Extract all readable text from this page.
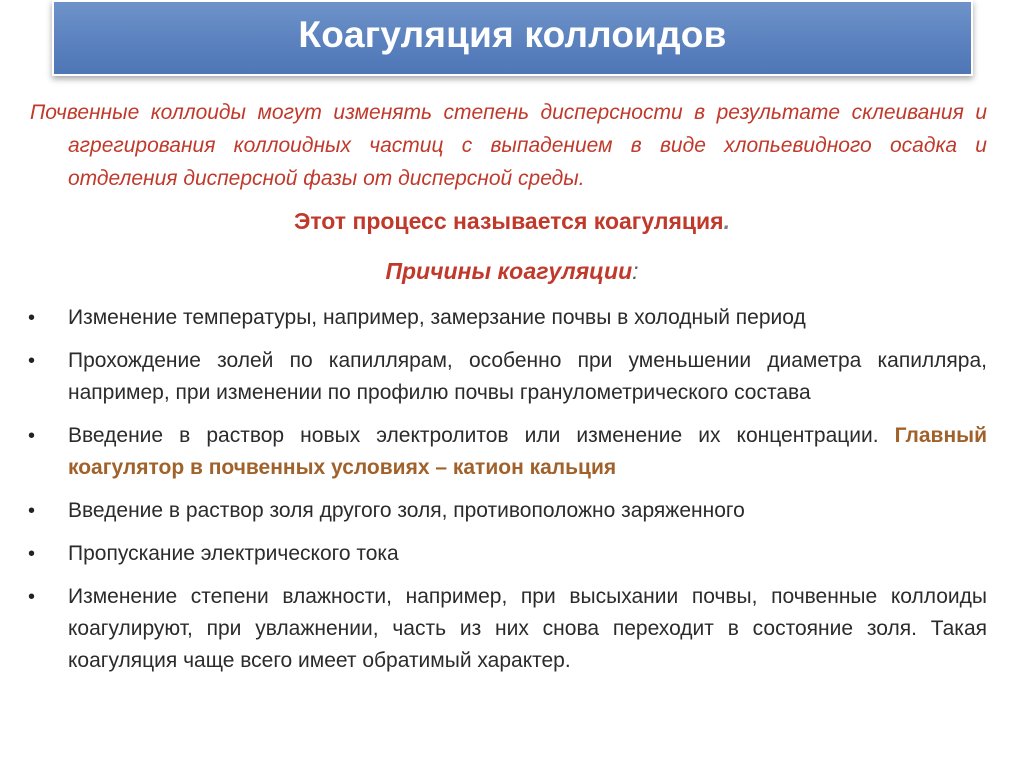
Коагуляция коллоидов
Почвенные коллоиды могут изменять степень дисперсности в результате склеивания и агрегирования коллоидных частиц с выпадением в виде хлопьевидного осадка и отделения дисперсной фазы от дисперсной среды.
Этот процесс называется коагуляция.
Причины коагуляции:
• Изменение температуры, например, замерзание почвы в холодный период
• Прохождение золей по капиллярам, особенно при уменьшении диаметра капилляра, например, при изменении по профилю почвы гранулометрического состава
• Введение в раствор новых электролитов или изменение их концентрации. Главный коагулятор в почвенных условиях – катион кальция
• Введение в раствор золя другого золя, противоположно заряженного
• Пропускание электрического тока
• Изменение степени влажности, например, при высыхании почвы, почвенные коллоиды коагулируют, при увлажнении, часть из них снова переходит в состояние золя. Такая коагуляция чаще всего имеет обратимый характер.
